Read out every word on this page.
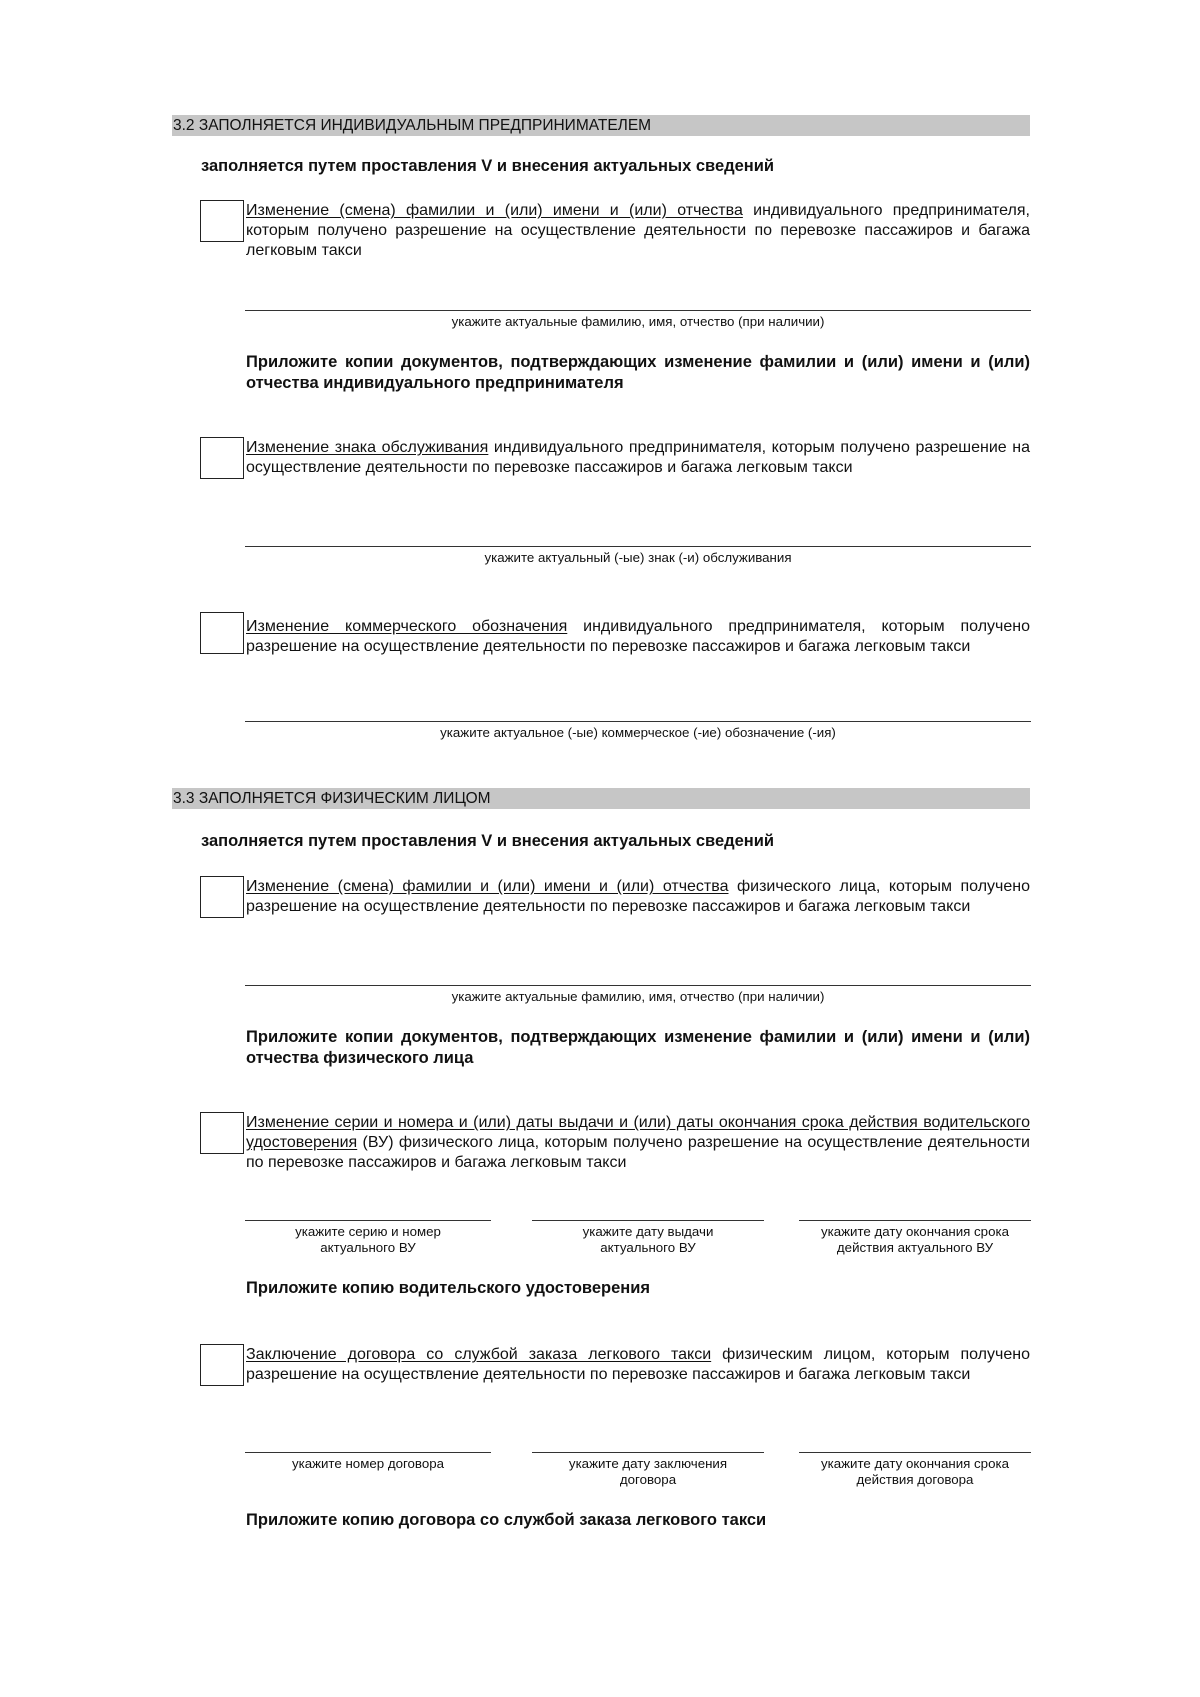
3.2 ЗАПОЛНЯЕТСЯ ИНДИВИДУАЛЬНЫМ ПРЕДПРИНИМАТЕЛЕМ
заполняется путем проставления V и внесения актуальных сведений
Изменение (смена) фамилии и (или) имени и (или) отчества индивидуального предпринимателя, которым получено разрешение на осуществление деятельности по перевозке пассажиров и багажа легковым такси
укажите актуальные фамилию, имя, отчество (при наличии)
Приложите копии документов, подтверждающих изменение фамилии и (или) имени и (или) отчества индивидуального предпринимателя
Изменение знака обслуживания индивидуального предпринимателя, которым получено разрешение на осуществление деятельности по перевозке пассажиров и багажа легковым такси
укажите актуальный (-ые) знак (-и) обслуживания
Изменение коммерческого обозначения индивидуального предпринимателя, которым получено разрешение на осуществление деятельности по перевозке пассажиров и багажа легковым такси
укажите актуальное (-ые) коммерческое (-ие) обозначение (-ия)
3.3 ЗАПОЛНЯЕТСЯ ФИЗИЧЕСКИМ ЛИЦОМ
заполняется путем проставления V и внесения актуальных сведений
Изменение (смена) фамилии и (или) имени и (или) отчества физического лица, которым получено разрешение на осуществление деятельности по перевозке пассажиров и багажа легковым такси
укажите актуальные фамилию, имя, отчество (при наличии)
Приложите копии документов, подтверждающих изменение фамилии и (или) имени и (или) отчества физического лица
Изменение серии и номера и (или) даты выдачи и (или) даты окончания срока действия водительского удостоверения (ВУ) физического лица, которым получено разрешение на осуществление деятельности по перевозке пассажиров и багажа легковым такси
укажите серию и номер актуального ВУ
укажите дату выдачи актуального ВУ
укажите дату окончания срока действия актуального ВУ
Приложите копию водительского удостоверения
Заключение договора со службой заказа легкового такси физическим лицом, которым получено разрешение на осуществление деятельности по перевозке пассажиров и багажа легковым такси
укажите номер договора	укажите дату заключения договора
укажите дату окончания срока действия договора
Приложите копию договора со службой заказа легкового такси
